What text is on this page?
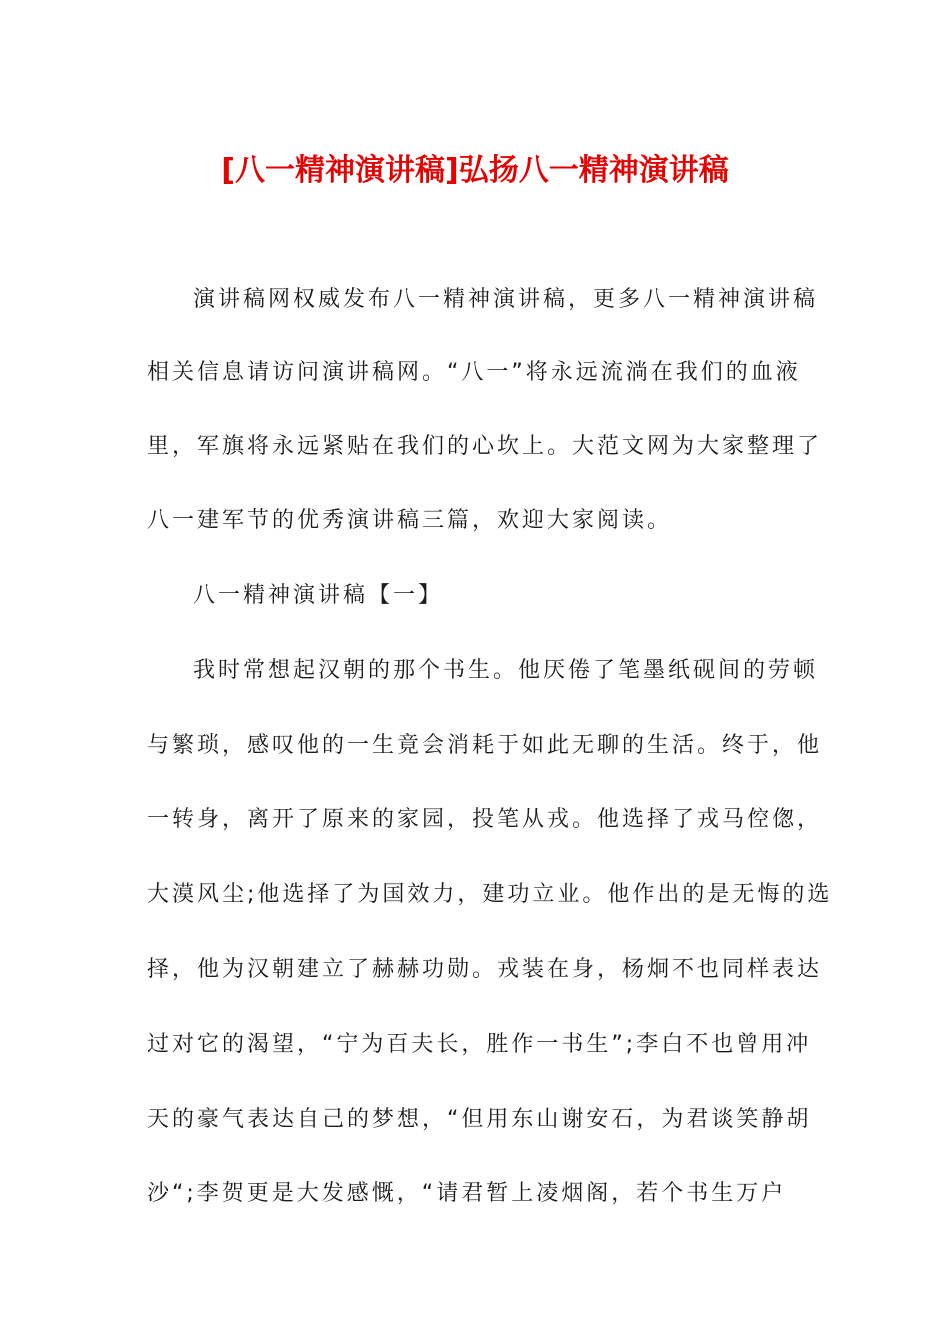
[八一精神演讲稿]弘扬八一精神演讲稿
演讲稿网权威发布八一精神演讲稿，更多八一精神演讲稿
相关信息请访问演讲稿网。“八一”将永远流淌在我们的血液
里，军旗将永远紧贴在我们的心坎上。大范文网为大家整理了
八一建军节的优秀演讲稿三篇，欢迎大家阅读。
八一精神演讲稿【一】
我时常想起汉朝的那个书生。他厌倦了笔墨纸砚间的劳顿
与繁琐，感叹他的一生竟会消耗于如此无聊的生活。终于，他
一转身，离开了原来的家园，投笔从戎。他选择了戎马倥偬，
大漠风尘;他选择了为国效力，建功立业。他作出的是无悔的选
择，他为汉朝建立了赫赫功勋。戎装在身，杨炯不也同样表达
过对它的渴望，“宁为百夫长，胜作一书生”;李白不也曾用冲
天的豪气表达自己的梦想，“但用东山谢安石，为君谈笑静胡
沙“;李贺更是大发感慨，“请君暂上凌烟阁，若个书生万户
